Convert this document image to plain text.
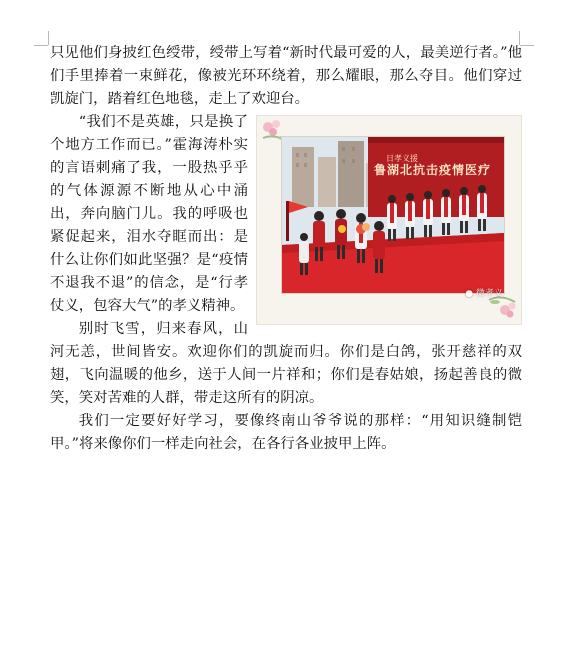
只见他们身披红色绶带，绶带上写着“新时代最可爱的人，最美逆行者。”他们手里捧着一束鲜花，像被光环环绕着，那么耀眼，那么夺目。他们穿过凯旋门，踏着红色地毯，走上了欢迎台。

日孝义援
鲁湖北抗击疫情医疗
● 微孝义

“我们不是英雄，只是换了个地方工作而已。”霍海涛朴实的言语刺痛了我，一股热乎乎的气体源源不断地从心中涌出，奔向脑门儿。我的呼吸也紧促起来，泪水夺眶而出：是什么让你们如此坚强？是“疫情不退我不退”的信念，是“行孝仗义，包容大气”的孝义精神。

别时飞雪，归来春风，山河无恙，世间皆安。欢迎你们的凯旋而归。你们是白鸽，张开慈祥的双翅，飞向温暖的他乡，送于人间一片祥和；你们是春姑娘，扬起善良的微笑，笑对苦难的人群，带走这所有的阴凉。

我们一定要好好学习，要像终南山爷爷说的那样：“用知识缝制铠甲。”将来像你们一样走向社会，在各行各业披甲上阵。
